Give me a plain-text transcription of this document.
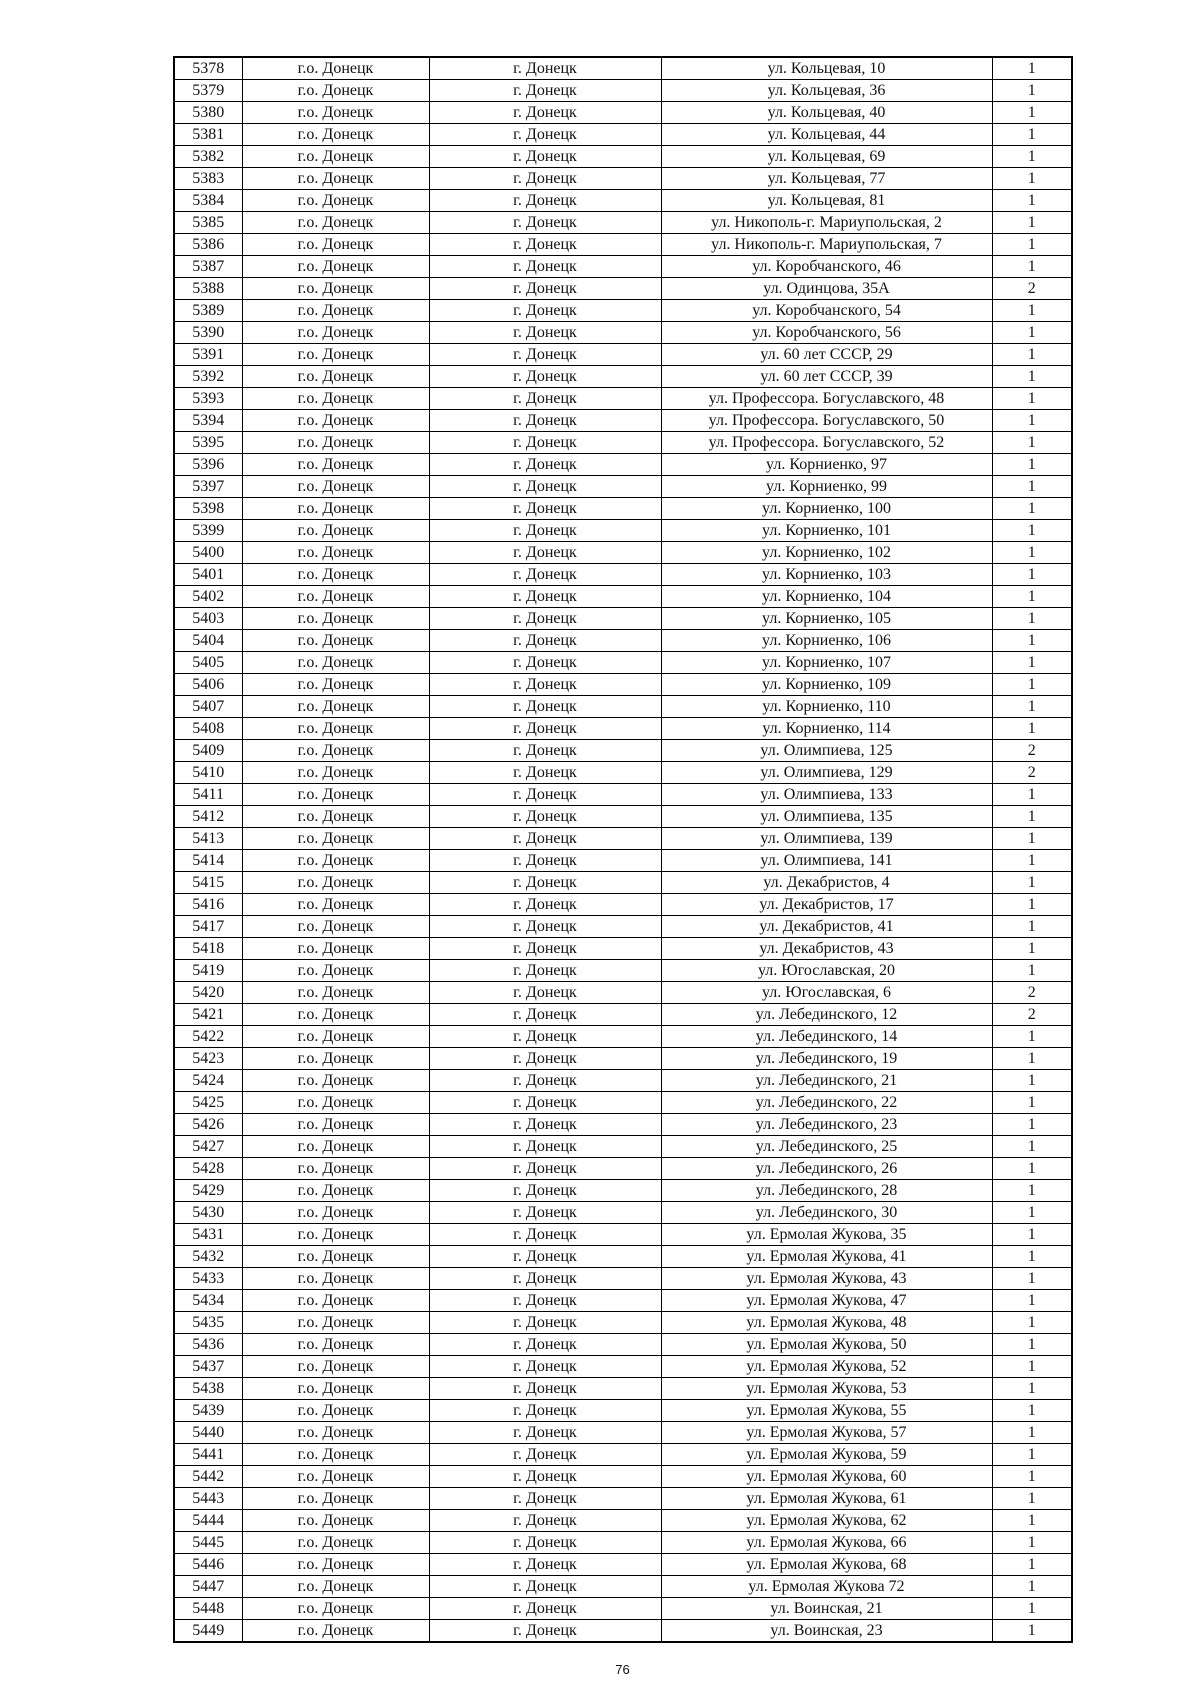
5378	г.о. Донецк	г. Донецк	ул. Кольцевая, 10	1
5379	г.о. Донецк	г. Донецк	ул. Кольцевая, 36	1
5380	г.о. Донецк	г. Донецк	ул. Кольцевая, 40	1
5381	г.о. Донецк	г. Донецк	ул. Кольцевая, 44	1
5382	г.о. Донецк	г. Донецк	ул. Кольцевая, 69	1
5383	г.о. Донецк	г. Донецк	ул. Кольцевая, 77	1
5384	г.о. Донецк	г. Донецк	ул. Кольцевая, 81	1
5385	г.о. Донецк	г. Донецк	ул. Никополь-г. Мариупольская, 2	1
5386	г.о. Донецк	г. Донецк	ул. Никополь-г. Мариупольская, 7	1
5387	г.о. Донецк	г. Донецк	ул. Коробчанского, 46	1
5388	г.о. Донецк	г. Донецк	ул. Одинцова, 35А	2
5389	г.о. Донецк	г. Донецк	ул. Коробчанского, 54	1
5390	г.о. Донецк	г. Донецк	ул. Коробчанского, 56	1
5391	г.о. Донецк	г. Донецк	ул. 60 лет СССР, 29	1
5392	г.о. Донецк	г. Донецк	ул. 60 лет СССР, 39	1
5393	г.о. Донецк	г. Донецк	ул. Профессора. Богуславского, 48	1
5394	г.о. Донецк	г. Донецк	ул. Профессора. Богуславского, 50	1
5395	г.о. Донецк	г. Донецк	ул. Профессора. Богуславского, 52	1
5396	г.о. Донецк	г. Донецк	ул. Корниенко, 97	1
5397	г.о. Донецк	г. Донецк	ул. Корниенко, 99	1
5398	г.о. Донецк	г. Донецк	ул. Корниенко, 100	1
5399	г.о. Донецк	г. Донецк	ул. Корниенко, 101	1
5400	г.о. Донецк	г. Донецк	ул. Корниенко, 102	1
5401	г.о. Донецк	г. Донецк	ул. Корниенко, 103	1
5402	г.о. Донецк	г. Донецк	ул. Корниенко, 104	1
5403	г.о. Донецк	г. Донецк	ул. Корниенко, 105	1
5404	г.о. Донецк	г. Донецк	ул. Корниенко, 106	1
5405	г.о. Донецк	г. Донецк	ул. Корниенко, 107	1
5406	г.о. Донецк	г. Донецк	ул. Корниенко, 109	1
5407	г.о. Донецк	г. Донецк	ул. Корниенко, 110	1
5408	г.о. Донецк	г. Донецк	ул. Корниенко, 114	1
5409	г.о. Донецк	г. Донецк	ул. Олимпиева, 125	2
5410	г.о. Донецк	г. Донецк	ул. Олимпиева, 129	2
5411	г.о. Донецк	г. Донецк	ул. Олимпиева, 133	1
5412	г.о. Донецк	г. Донецк	ул. Олимпиева, 135	1
5413	г.о. Донецк	г. Донецк	ул. Олимпиева, 139	1
5414	г.о. Донецк	г. Донецк	ул. Олимпиева, 141	1
5415	г.о. Донецк	г. Донецк	ул. Декабристов, 4	1
5416	г.о. Донецк	г. Донецк	ул. Декабристов, 17	1
5417	г.о. Донецк	г. Донецк	ул. Декабристов, 41	1
5418	г.о. Донецк	г. Донецк	ул. Декабристов, 43	1
5419	г.о. Донецк	г. Донецк	ул. Югославская, 20	1
5420	г.о. Донецк	г. Донецк	ул. Югославская, 6	2
5421	г.о. Донецк	г. Донецк	ул. Лебединского, 12	2
5422	г.о. Донецк	г. Донецк	ул. Лебединского, 14	1
5423	г.о. Донецк	г. Донецк	ул. Лебединского, 19	1
5424	г.о. Донецк	г. Донецк	ул. Лебединского, 21	1
5425	г.о. Донецк	г. Донецк	ул. Лебединского, 22	1
5426	г.о. Донецк	г. Донецк	ул. Лебединского, 23	1
5427	г.о. Донецк	г. Донецк	ул. Лебединского, 25	1
5428	г.о. Донецк	г. Донецк	ул. Лебединского, 26	1
5429	г.о. Донецк	г. Донецк	ул. Лебединского, 28	1
5430	г.о. Донецк	г. Донецк	ул. Лебединского, 30	1
5431	г.о. Донецк	г. Донецк	ул. Ермолая Жукова, 35	1
5432	г.о. Донецк	г. Донецк	ул. Ермолая Жукова, 41	1
5433	г.о. Донецк	г. Донецк	ул. Ермолая Жукова, 43	1
5434	г.о. Донецк	г. Донецк	ул. Ермолая Жукова, 47	1
5435	г.о. Донецк	г. Донецк	ул. Ермолая Жукова, 48	1
5436	г.о. Донецк	г. Донецк	ул. Ермолая Жукова, 50	1
5437	г.о. Донецк	г. Донецк	ул. Ермолая Жукова, 52	1
5438	г.о. Донецк	г. Донецк	ул. Ермолая Жукова, 53	1
5439	г.о. Донецк	г. Донецк	ул. Ермолая Жукова, 55	1
5440	г.о. Донецк	г. Донецк	ул. Ермолая Жукова, 57	1
5441	г.о. Донецк	г. Донецк	ул. Ермолая Жукова, 59	1
5442	г.о. Донецк	г. Донецк	ул. Ермолая Жукова, 60	1
5443	г.о. Донецк	г. Донецк	ул. Ермолая Жукова, 61	1
5444	г.о. Донецк	г. Донецк	ул. Ермолая Жукова, 62	1
5445	г.о. Донецк	г. Донецк	ул. Ермолая Жукова, 66	1
5446	г.о. Донецк	г. Донецк	ул. Ермолая Жукова, 68	1
5447	г.о. Донецк	г. Донецк	ул. Ермолая Жукова 72	1
5448	г.о. Донецк	г. Донецк	ул. Воинская, 21	1
5449	г.о. Донецк	г. Донецк	ул. Воинская, 23	1
76
